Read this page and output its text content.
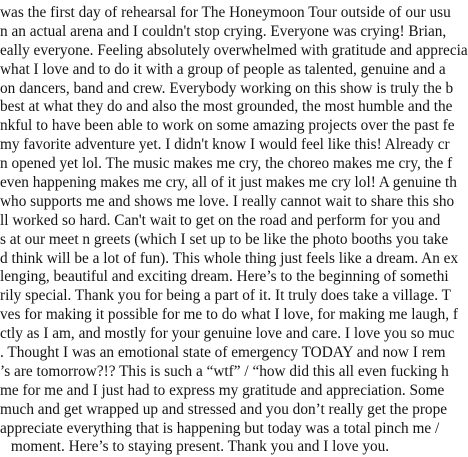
was the first day of rehearsal for The Honeymoon Tour outside of our usu
n an actual arena and I couldn't stop crying. Everyone was crying! Brian,
eally everyone. Feeling absolutely overwhelmed with gratitude and apprecia
what I love and to do it with a group of people as talented, genuine and a
on dancers, band and crew. Everybody working on this show is truly the b
best at what they do and also the most grounded, the most humble and the
nkful to have been able to work on some amazing projects over the past fe
my favorite adventure yet. I didn't know I would feel like this! Already cr
n opened yet lol. The music makes me cry, the choreo makes me cry, the f
even happening makes me cry, all of it just makes me cry lol! A genuine th
who supports me and shows me love. I really cannot wait to share this sho
ll worked so hard. Can't wait to get on the road and perform for you and
s at our meet n greets (which I set up to be like the photo booths you take
d think will be a lot of fun). This whole thing just feels like a dream. An ex
lenging, beautiful and exciting dream. Here’s to the beginning of somethi
rily special. Thank you for being a part of it. It truly does take a village. T
ves for making it possible for me to do what I love, for making me laugh, f
ctly as I am, and mostly for your genuine love and care. I love you so muc
. Thought I was an emotional state of emergency TODAY and now I rem
’s are tomorrow?!? This is such a “wtf” / “how did this all even fucking h
me for me and I just had to express my gratitude and appreciation. Some
much and get wrapped up and stressed and you don’t really get the prope
appreciate everything that is happening but today was a total pinch me /
moment. Here’s to staying present. Thank you and I love you.
